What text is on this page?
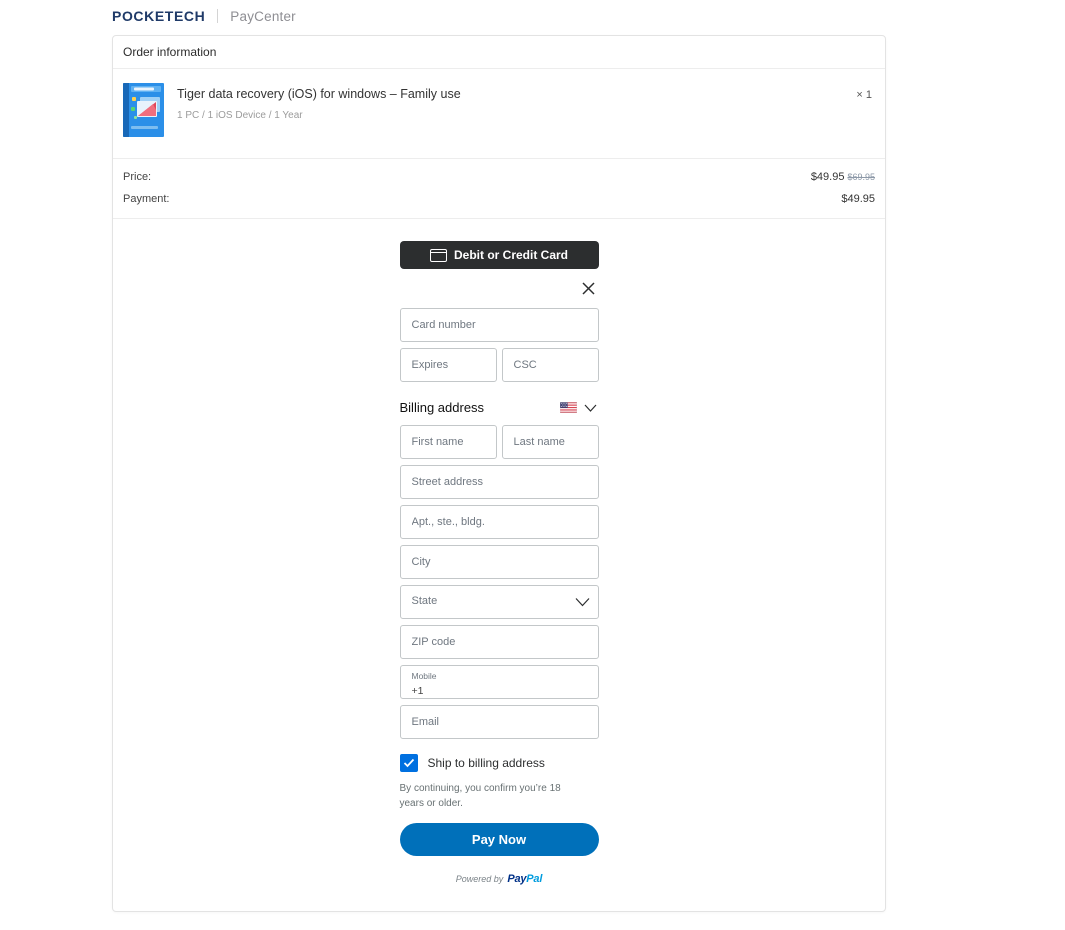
POCKETECH PayCenter
Order information
Tiger data recovery (iOS) for windows – Family use
1 PC / 1 iOS Device / 1 Year
× 1
Price:	$49.95 $69.95
Payment:	$49.95
Debit or Credit Card
Card number
Expires
CSC
Billing address
First name
Last name
Street address
Apt., ste., bldg.
City
State
ZIP code
Mobile
+1
Email
Ship to billing address

By continuing, you confirm you’re 18 years or older.

Pay Now
Powered by PayPal
